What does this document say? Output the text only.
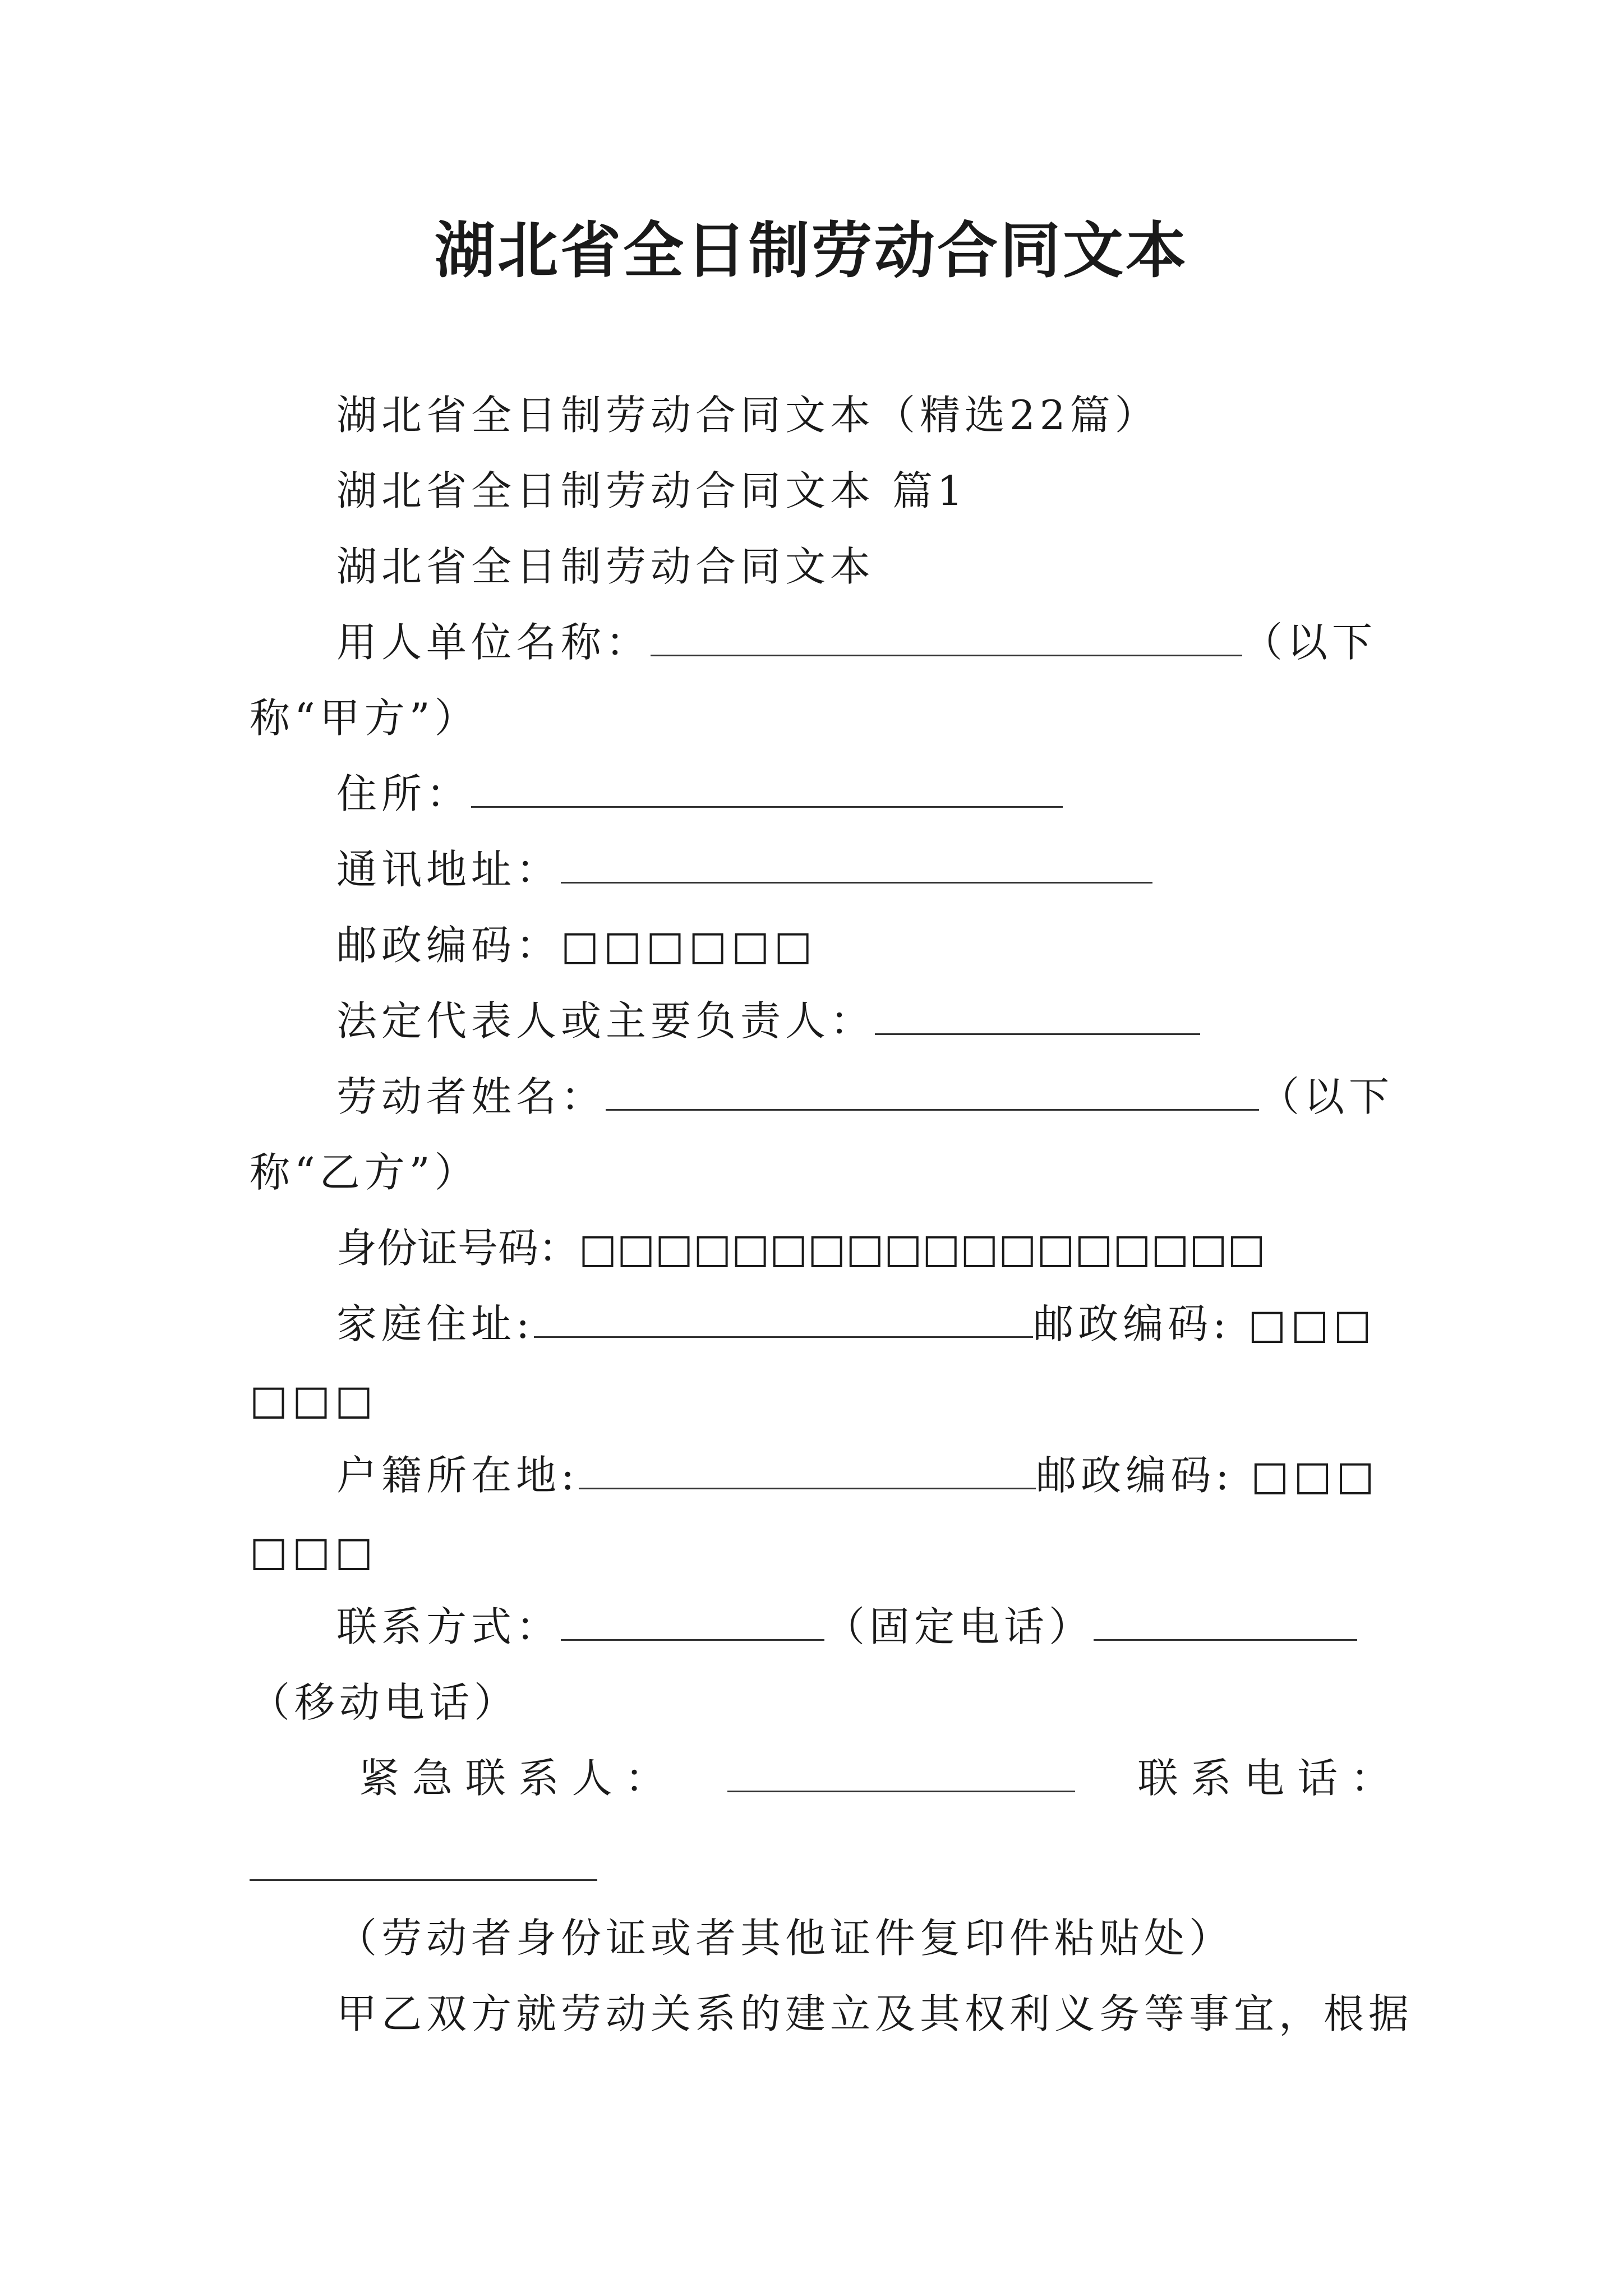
湖北省全日制劳动合同文本
湖北省全日制劳动合同文本（精选22篇）
湖北省全日制劳动合同文本 篇1
湖北省全日制劳动合同文本
用人单位名称：	（以下
称“甲方”）
住所：
通讯地址：
邮政编码：□□□□□□
法定代表人或主要负责人：
劳动者姓名：	（以下
称“乙方”）
身份证号码：□□□□□□□□□□□□□□□□□□
家庭住址:	邮政编码: □□□
□□□
户籍所在地:	邮政编码: □□□
□□□
联系方式：	（固定电话）
（移动电话）
紧 急 联 系 人 ：	联 系 电 话 ：
（劳动者身份证或者其他证件复印件粘贴处）
甲乙双方就劳动关系的建立及其权利义务等事宜，根据
